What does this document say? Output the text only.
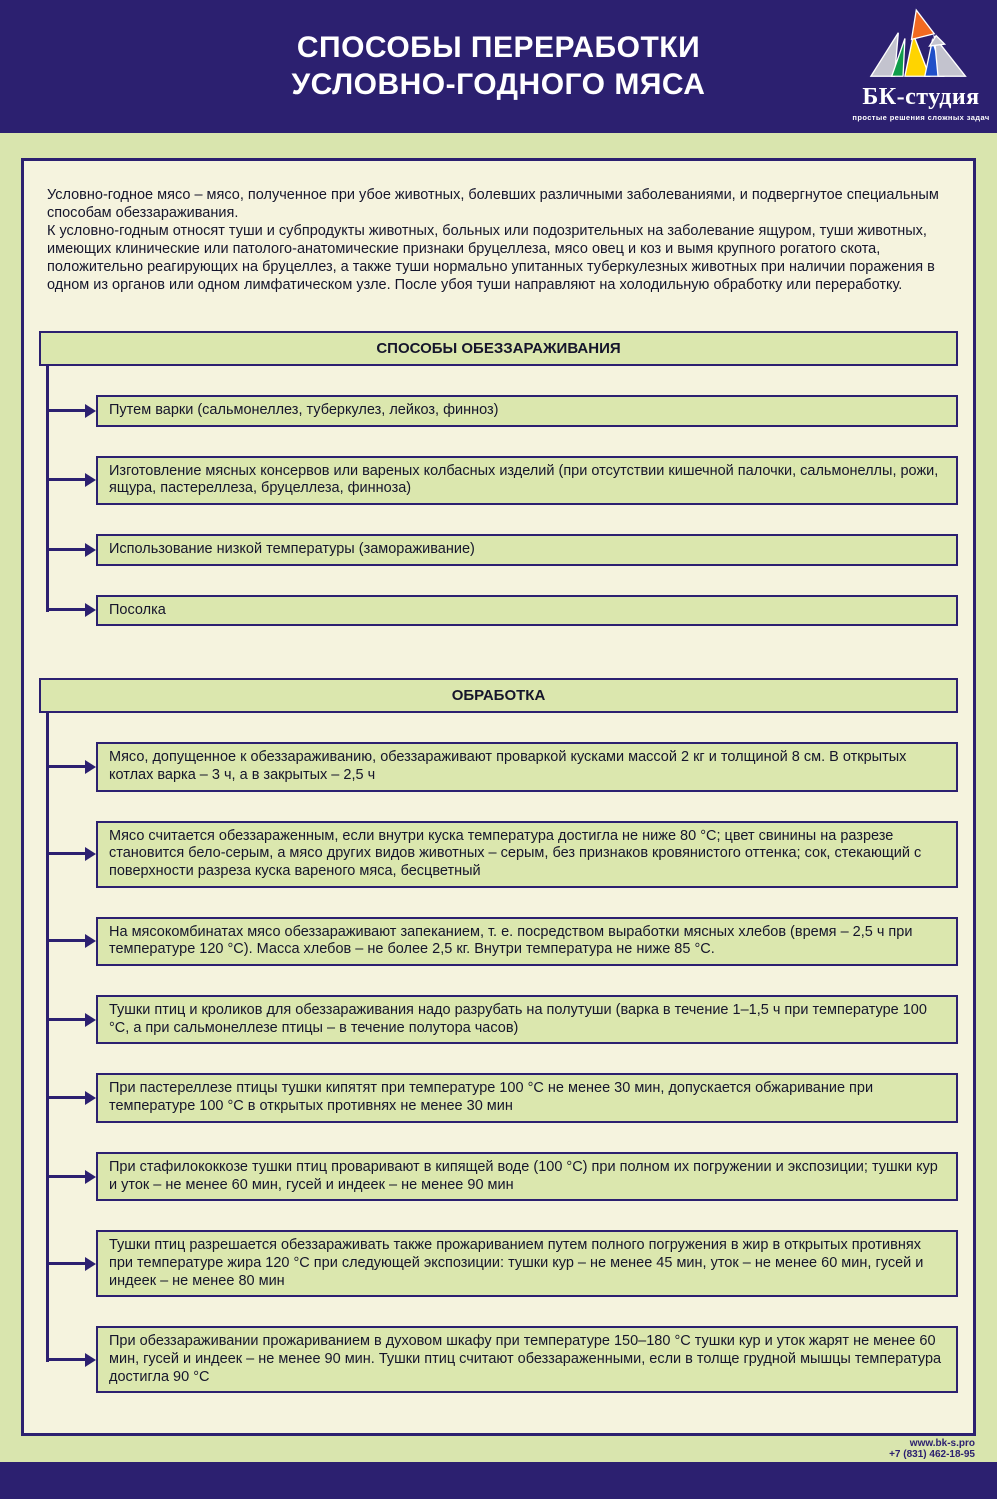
СПОСОБЫ ПЕРЕРАБОТКИ
УСЛОВНО-ГОДНОГО МЯСА	БК-студия
простые решения сложных задач

Условно-годное мясо – мясо, полученное при убое животных, болевших различными заболеваниями, и подвергнутое специальным способам обеззараживания.

К условно-годным относят туши и субпродукты животных, больных или подозрительных на заболевание ящуром, туши животных, имеющих клинические или патолого-анатомические признаки бруцеллеза, мясо овец и коз и вымя крупного рогатого скота, положительно реагирующих на бруцеллез, а также туши нормально упитанных туберкулезных животных при наличии поражения в одном из органов или одном лимфатическом узле. После убоя туши направляют на холодильную обработку или переработку.

СПОСОБЫ ОБЕЗЗАРАЖИВАНИЯ
Путем варки (сальмонеллез, туберкулез, лейкоз, финноз)
Изготовление мясных консервов или вареных колбасных изделий (при отсутствии кишечной палочки, сальмонеллы, рожи, ящура, пастереллеза, бруцеллеза, финноза)
Использование низкой температуры (замораживание)
Посолка
ОБРАБОТКА
Мясо, допущенное к обеззараживанию, обеззараживают проваркой кусками массой 2 кг и толщиной 8 см. В открытых котлах варка – 3 ч, а в закрытых – 2,5 ч
Мясо считается обеззараженным, если внутри куска температура достигла не ниже 80 °C; цвет свинины на разрезе становится бело-серым, а мясо других видов животных – серым, без признаков кровянистого оттенка; сок, стекающий с поверхности разреза куска вареного мяса, бесцветный
На мясокомбинатах мясо обеззараживают запеканием, т. е. посредством выработки мясных хлебов (время – 2,5 ч при температуре 120 °C). Масса хлебов – не более 2,5 кг. Внутри температура не ниже 85 °C.
Тушки птиц и кроликов для обеззараживания надо разрубать на полутуши (варка в течение 1–1,5 ч при температуре 100 °C, а при сальмонеллезе птицы – в течение полутора часов)
При пастереллезе птицы тушки кипятят при температуре 100 °C не менее 30 мин, допускается обжаривание при температуре 100 °C в открытых противнях не менее 30 мин
При стафилококкозе тушки птиц проваривают в кипящей воде (100 °C) при полном их погружении и экспозиции; тушки кур и уток – не менее 60 мин, гусей и индеек – не менее 90 мин
Тушки птиц разрешается обеззараживать также прожариванием путем полного погружения в жир в открытых противнях при температуре жира 120 °C при следующей экспозиции: тушки кур – не менее 45 мин, уток – не менее 60 мин, гусей и индеек – не менее 80 мин
При обеззараживании прожариванием в духовом шкафу при температуре 150–180 °C тушки кур и уток жарят не менее 60 мин, гусей и индеек – не менее 90 мин. Тушки птиц считают обеззараженными, если в толще грудной мышцы температура достигла 90 °C
www.bk-s.pro
+7 (831) 462-18-95
